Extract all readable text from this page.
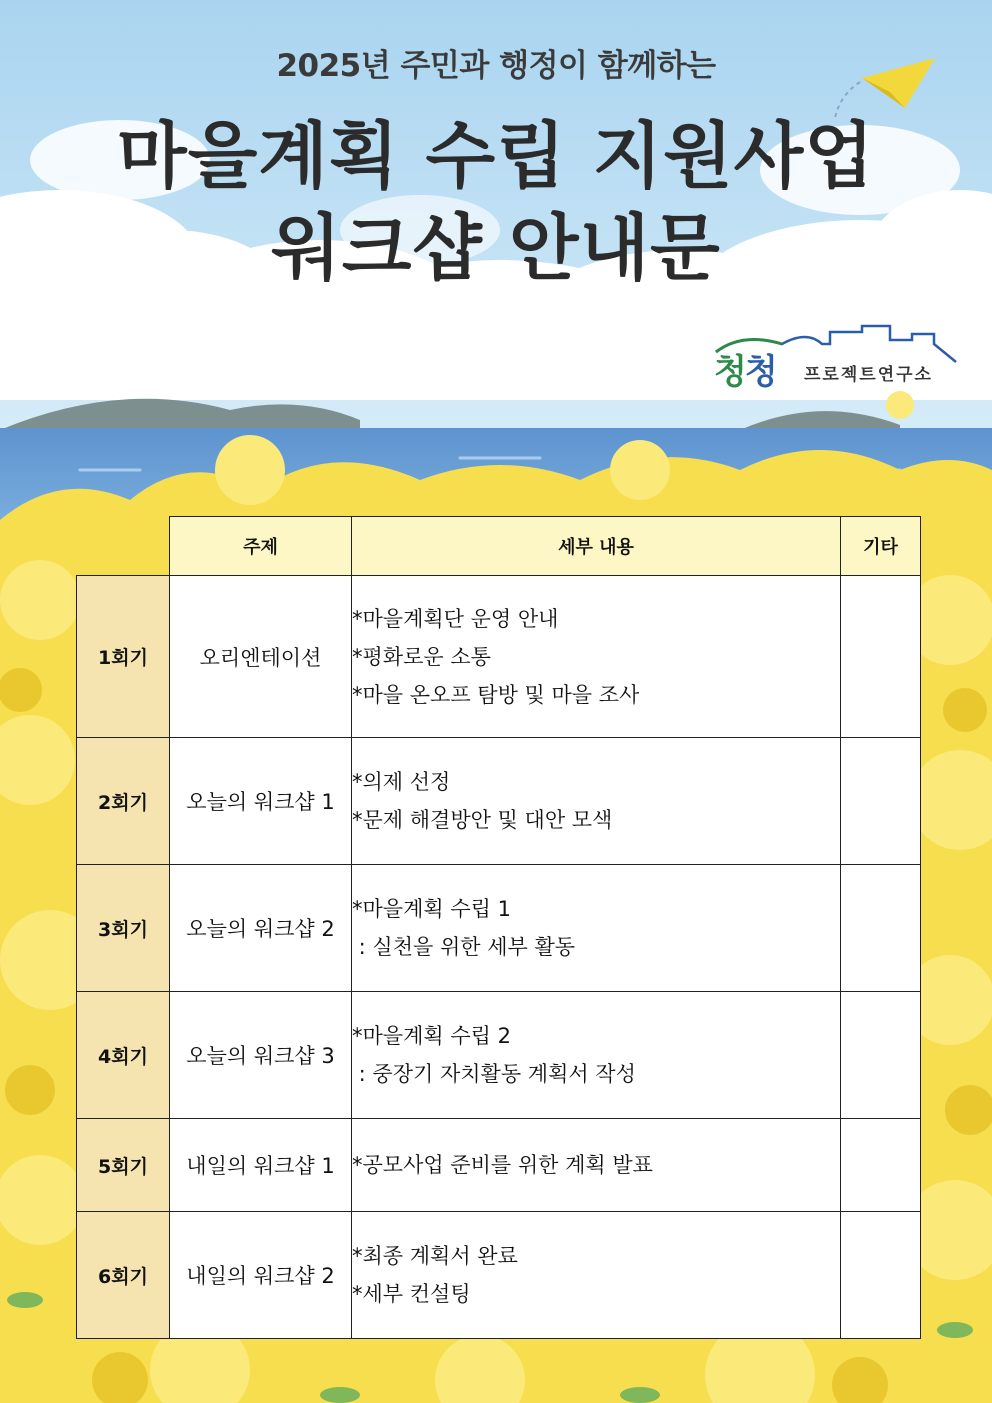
2025년 주민과 행정이 함께하는
마을계획 수립 지원사업
워크샵 안내문
청청 프로젝트연구소
	주제	세부 내용	기타
1회기	오리엔테이션	*마을계획단 운영 안내
*평화로운 소통
*마을 온오프 탐방 및 마을 조사	

2회기	오늘의 워크샵 1	*의제 선정
*문제 해결방안 및 대안 모색	

3회기	오늘의 워크샵 2	*마을계획 수립 1
: 실천을 위한 세부 활동	

4회기	오늘의 워크샵 3	*마을계획 수립 2
: 중장기 자치활동 계획서 작성	

5회기	내일의 워크샵 1	*공모사업 준비를 위한 계획 발표	

6회기	내일의 워크샵 2	*최종 계획서 완료
*세부 컨설팅	
